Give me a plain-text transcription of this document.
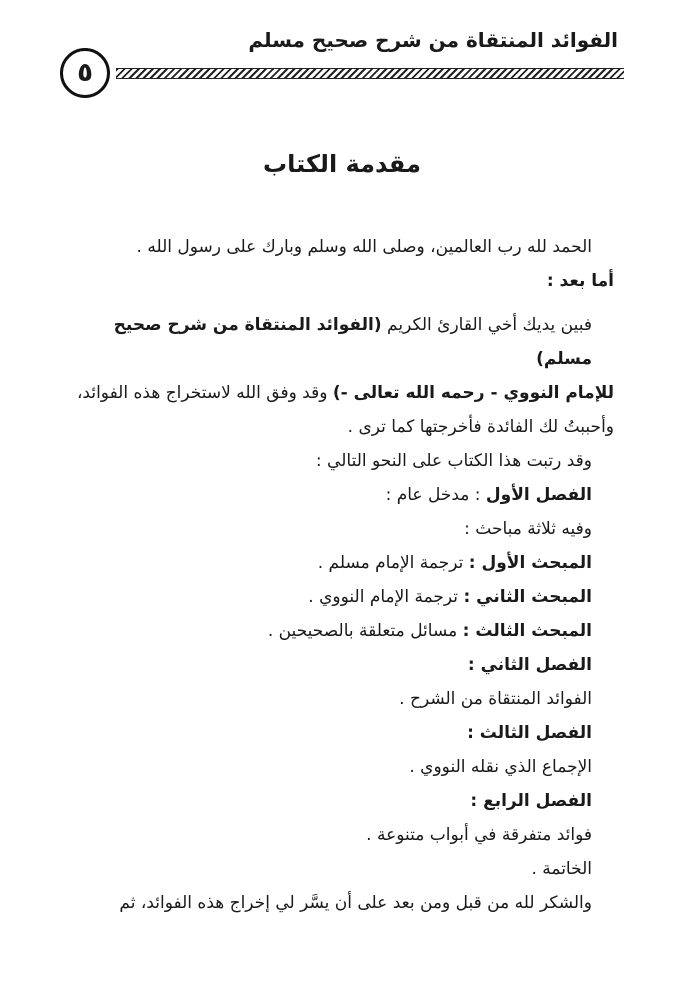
الفوائد المنتقاة من شرح صحيح مسلم
٥
مقدمة الكتاب

الحمد لله رب العالمين، وصلى الله وسلم وبارك على رسول الله .

أما بعد :

فبين يديك أخي القارئ الكريم (الفوائد المنتقاة من شرح صحيح مسلم)

للإمام النووي - رحمه الله تعالى -) وقد وفق الله لاستخراج هذه الفوائد،

وأحببتُ لك الفائدة فأخرجتها كما ترى .

وقد رتبت هذا الكتاب على النحو التالي :

الفصل الأول : مدخل عام :

وفيه ثلاثة مباحث :

المبحث الأول : ترجمة الإمام مسلم .

المبحث الثاني : ترجمة الإمام النووي .

المبحث الثالث : مسائل متعلقة بالصحيحين .

الفصل الثاني :

الفوائد المنتقاة من الشرح .

الفصل الثالث :

الإجماع الذي نقله النووي .

الفصل الرابع :

فوائد متفرقة في أبواب متنوعة .

الخاتمة .

والشكر لله من قبل ومن بعد على أن يسَّر لي إخراج هذه الفوائد، ثم
